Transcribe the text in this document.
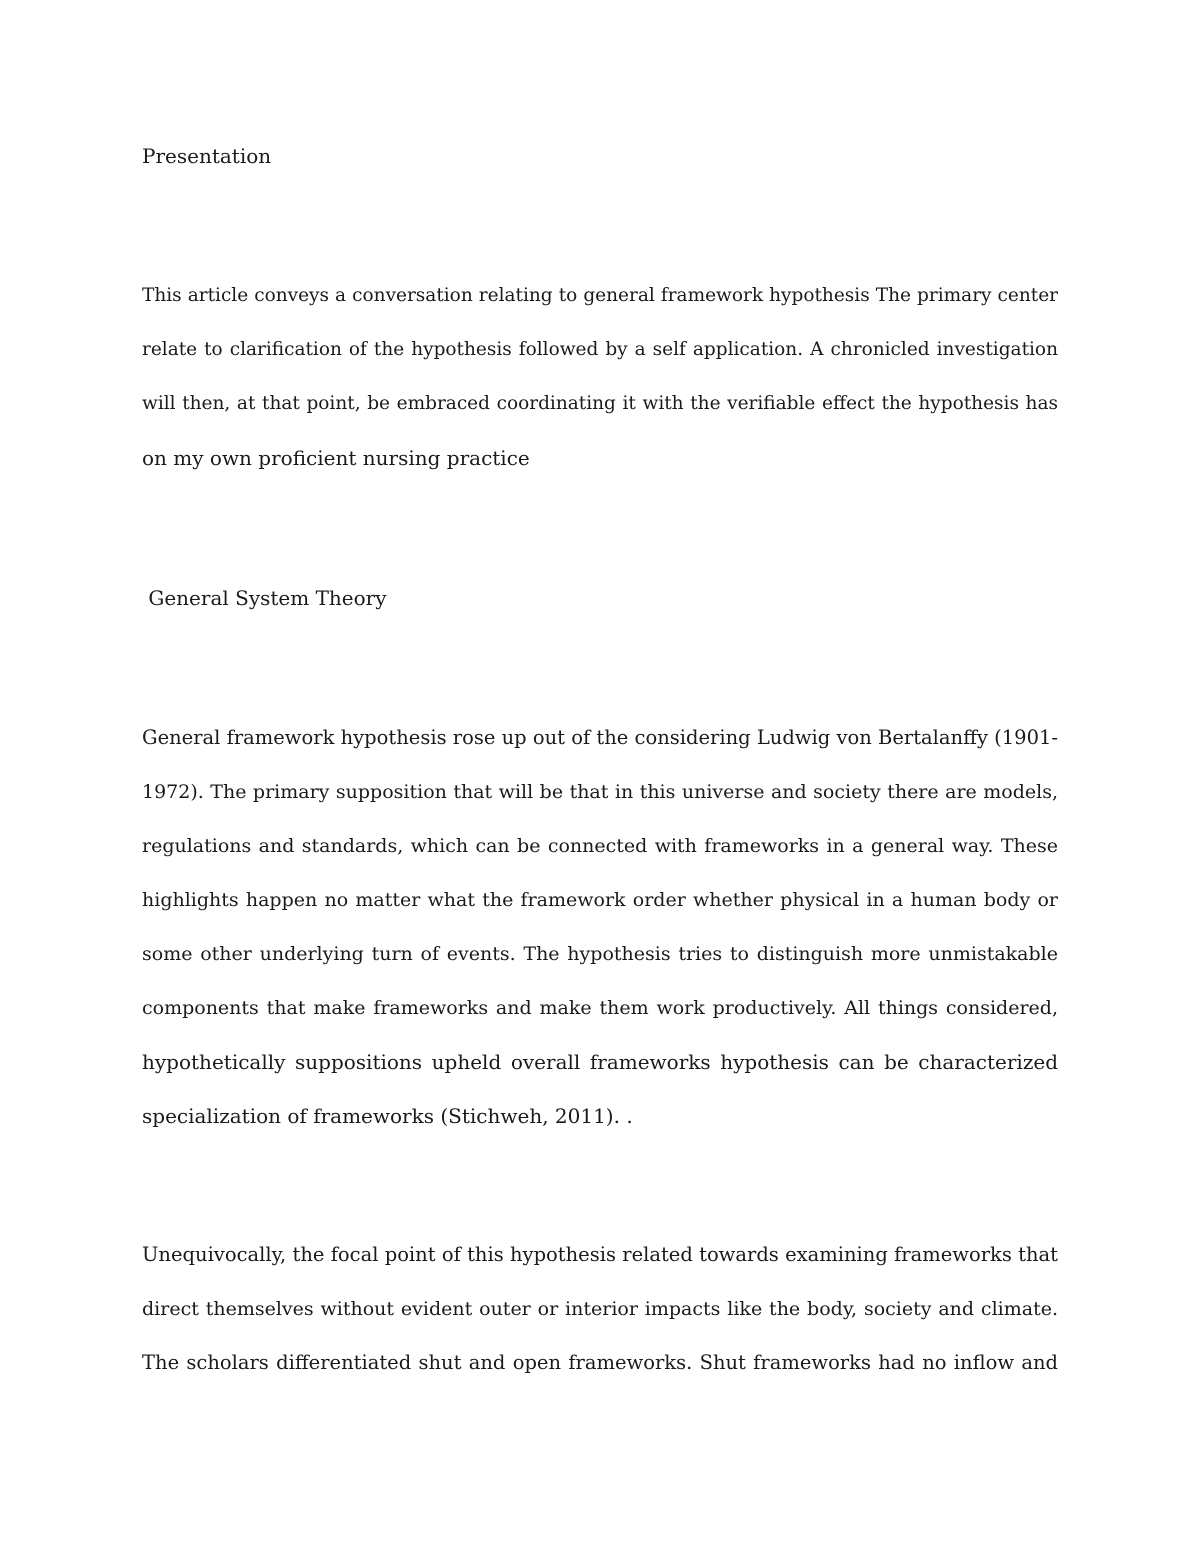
Presentation
This article conveys a conversation relating to general framework hypothesis The primary center
relate to clarification of the hypothesis followed by a self application. A chronicled investigation
will then, at that point, be embraced coordinating it with the verifiable effect the hypothesis has
on my own proficient nursing practice
General System Theory
General framework hypothesis rose up out of the considering Ludwig von Bertalanffy (1901-
1972). The primary supposition that will be that in this universe and society there are models,
regulations and standards, which can be connected with frameworks in a general way. These
highlights happen no matter what the framework order whether physical in a human body or
some other underlying turn of events. The hypothesis tries to distinguish more unmistakable
components that make frameworks and make them work productively. All things considered,
hypothetically suppositions upheld overall frameworks hypothesis can be characterized
specialization of frameworks (Stichweh, 2011). .
Unequivocally, the focal point of this hypothesis related towards examining frameworks that
direct themselves without evident outer or interior impacts like the body, society and climate.
The scholars differentiated shut and open frameworks. Shut frameworks had no inflow and
